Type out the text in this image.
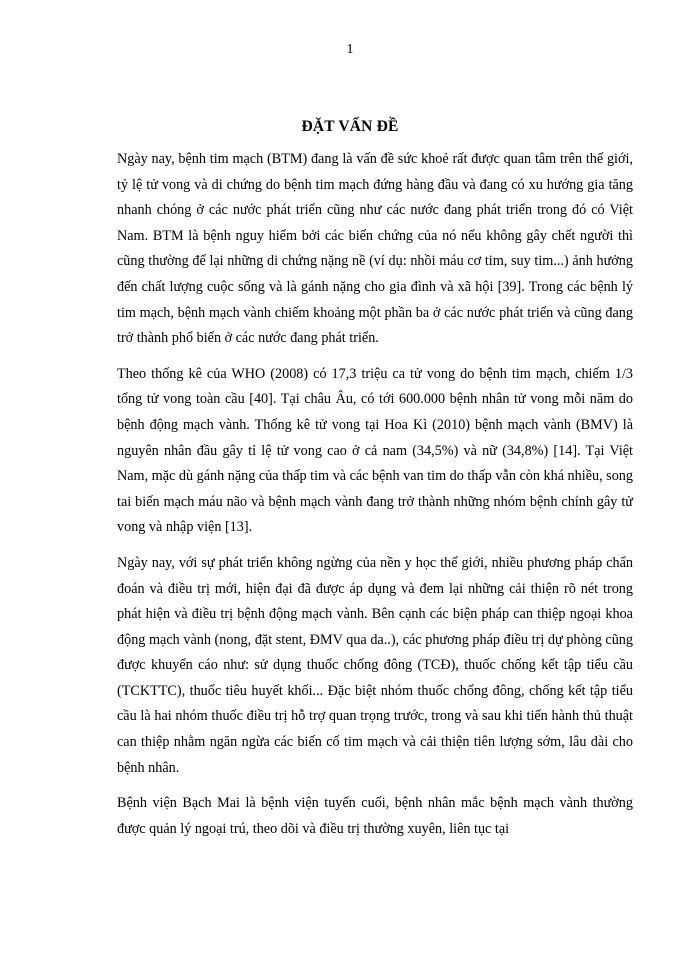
1
ĐẶT VẤN ĐỀ

Ngày nay, bệnh tim mạch (BTM) đang là vấn đề sức khoẻ rất được quan tâm trên thế giới, tỷ lệ tử vong và di chứng do bệnh tim mạch đứng hàng đầu và đang có xu hướng gia tăng nhanh chóng ở các nước phát triển cũng như các nước đang phát triển trong đó có Việt Nam. BTM là bệnh nguy hiểm bởi các biến chứng của nó nếu không gây chết người thì cũng thường để lại những di chứng nặng nề (ví dụ: nhồi máu cơ tim, suy tim...) ảnh hưởng đến chất lượng cuộc sống và là gánh nặng cho gia đình và xã hội [39]. Trong các bệnh lý tim mạch, bệnh mạch vành chiếm khoảng một phần ba ở các nước phát triển và cũng đang trở thành phổ biến ở các nước đang phát triển.

Theo thống kê của WHO (2008) có 17,3 triệu ca tử vong do bệnh tim mạch, chiếm 1/3 tổng tử vong toàn cầu [40]. Tại châu Âu, có tới 600.000 bệnh nhân tử vong mỗi năm do bệnh động mạch vành. Thống kê tử vong tại Hoa Kì (2010) bệnh mạch vành (BMV) là nguyên nhân đầu gây tỉ lệ tử vong cao ở cả nam (34,5%) và nữ (34,8%) [14]. Tại Việt Nam, mặc dù gánh nặng của thấp tim và các bệnh van tim do thấp vẫn còn khá nhiều, song tai biến mạch máu não và bệnh mạch vành đang trở thành những nhóm bệnh chính gây tử vong và nhập viện [13].

Ngày nay, với sự phát triển không ngừng của nền y học thế giới, nhiều phương pháp chẩn đoán và điều trị mới, hiện đại đã được áp dụng và đem lại những cải thiện rõ nét trong phát hiện và điều trị bệnh động mạch vành. Bên cạnh các biện pháp can thiệp ngoại khoa động mạch vành (nong, đặt stent, ĐMV qua da..), các phương pháp điều trị dự phòng cũng được khuyến cáo như: sử dụng thuốc chống đông (TCĐ), thuốc chống kết tập tiểu cầu (TCKTTC), thuốc tiêu huyết khối... Đặc biệt nhóm thuốc chống đông, chống kết tập tiểu cầu là hai nhóm thuốc điều trị hỗ trợ quan trọng trước, trong và sau khi tiến hành thủ thuật can thiệp nhằm ngăn ngừa các biến cố tim mạch và cải thiện tiên lượng sớm, lâu dài cho bệnh nhân.

Bệnh viện Bạch Mai là bệnh viện tuyến cuối, bệnh nhân mắc bệnh mạch vành thường được quản lý ngoại trú, theo dõi và điều trị thường xuyên, liên tục tại
